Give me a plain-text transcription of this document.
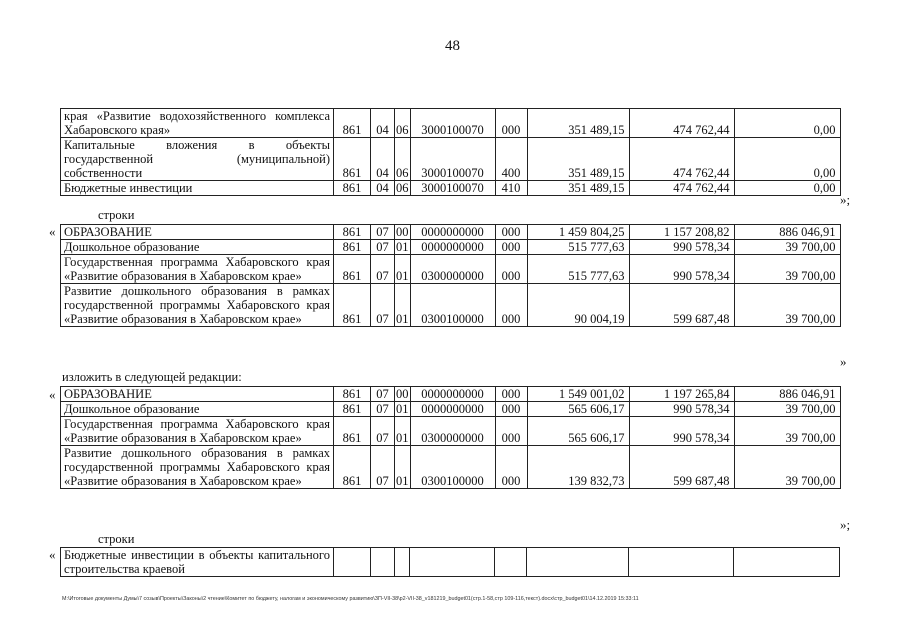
48
края «Развитие водохозяйственного комплекса Хабаровского края»	861	04	06	3000100070	000	351 489,15	474 762,44	0,00
Капитальные вложения в объекты государственной (муниципальной) собственности	861	04	06	3000100070	400	351 489,15	474 762,44	0,00
Бюджетные инвестиции	861	04	06	3000100070	410	351 489,15	474 762,44	0,00
»;
строки
« ОБРАЗОВАНИЕ	861	07	00	0000000000	000	1 459 804,25	1 157 208,82	886 046,91
Дошкольное образование	861	07	01	0000000000	000	515 777,63	990 578,34	39 700,00
Государственная программа Хабаровского края «Развитие образования в Хабаровском крае»	861	07	01	0300000000	000	515 777,63	990 578,34	39 700,00
Развитие дошкольного образования в рамках государственной программы Хабаровского края «Развитие образования в Хабаровском крае»	861	07	01	0300100000	000	90 004,19	599 687,48	39 700,00
»
изложить в следующей редакции:
« ОБРАЗОВАНИЕ	861	07	00	0000000000	000	1 549 001,02	1 197 265,84	886 046,91
Дошкольное образование	861	07	01	0000000000	000	565 606,17	990 578,34	39 700,00
Государственная программа Хабаровского края «Развитие образования в Хабаровском крае»	861	07	01	0300000000	000	565 606,17	990 578,34	39 700,00
Развитие дошкольного образования в рамках государственной программы Хабаровского края «Развитие образования в Хабаровском крае»	861	07	01	0300100000	000	139 832,73	599 687,48	39 700,00
»;
строки
« Бюджетные инвестиции в объекты капитального строительства краевой								
M:\Итоговые документы Думы\7 созыв\Проекты\Законы\2 чтение\Комитет по бюджету, налогам и экономическому развитию\ЗП-VII-38\р2-VII-38_v181219_budget01(стр.1-58,стр 109-116,текст).docx\стр_budget01\14.12.2019 15:33:11
